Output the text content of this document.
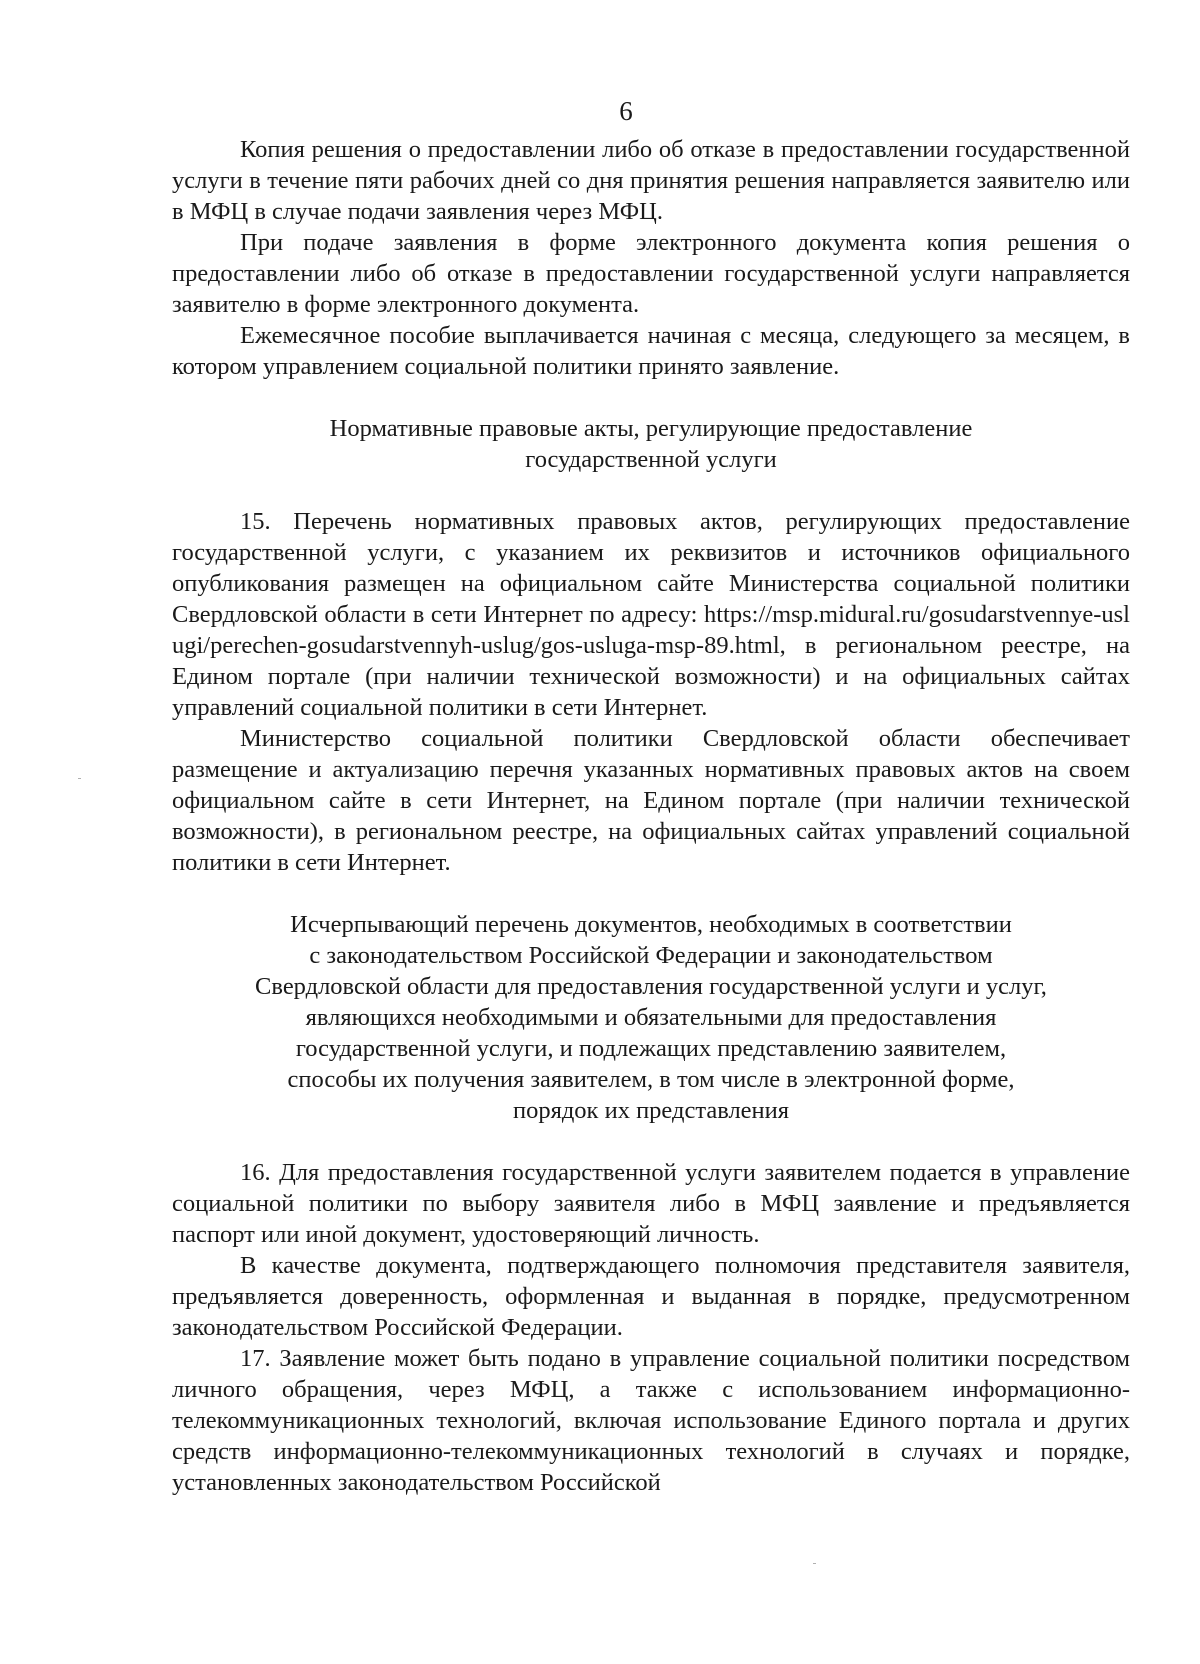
6

Копия решения о предоставлении либо об отказе в предоставлении государственной услуги в течение пяти рабочих дней со дня принятия решения направляется заявителю или в МФЦ в случае подачи заявления через МФЦ.

При подаче заявления в форме электронного документа копия решения о предоставлении либо об отказе в предоставлении государственной услуги направляется заявителю в форме электронного документа.

Ежемесячное пособие выплачивается начиная с месяца, следующего за месяцем, в котором управлением социальной политики принято заявление.

Нормативные правовые акты, регулирующие предоставление
государственной услуги

15. Перечень нормативных правовых актов, регулирующих предоставление государственной услуги, с указанием их реквизитов и источников официального опубликования размещен на официальном сайте Министерства социальной политики Свердловской области в сети Интернет по адресу: https://msp.midural.ru/gosudarstvennye-uslugi/perechen-gosudarstvennyh-uslug/gos-usluga-msp-89.html, в региональном реестре, на Едином портале (при наличии технической возможности) и на официальных сайтах управлений социальной политики в сети Интернет.

Министерство социальной политики Свердловской области обеспечивает размещение и актуализацию перечня указанных нормативных правовых актов на своем официальном сайте в сети Интернет, на Едином портале (при наличии технической возможности), в региональном реестре, на официальных сайтах управлений социальной политики в сети Интернет.

Исчерпывающий перечень документов, необходимых в соответствии
с законодательством Российской Федерации и законодательством
Свердловской области для предоставления государственной услуги и услуг,
являющихся необходимыми и обязательными для предоставления
государственной услуги, и подлежащих представлению заявителем,
способы их получения заявителем, в том числе в электронной форме,
порядок их представления

16. Для предоставления государственной услуги заявителем подается в управление социальной политики по выбору заявителя либо в МФЦ заявление и предъявляется паспорт или иной документ, удостоверяющий личность.

В качестве документа, подтверждающего полномочия представителя заявителя, предъявляется доверенность, оформленная и выданная в порядке, предусмотренном законодательством Российской Федерации.

17. Заявление может быть подано в управление социальной политики посредством личного обращения, через МФЦ, а также с использованием информационно-телекоммуникационных технологий, включая использование Единого портала и других средств информационно-телекоммуникационных технологий в случаях и порядке, установленных законодательством Российской
